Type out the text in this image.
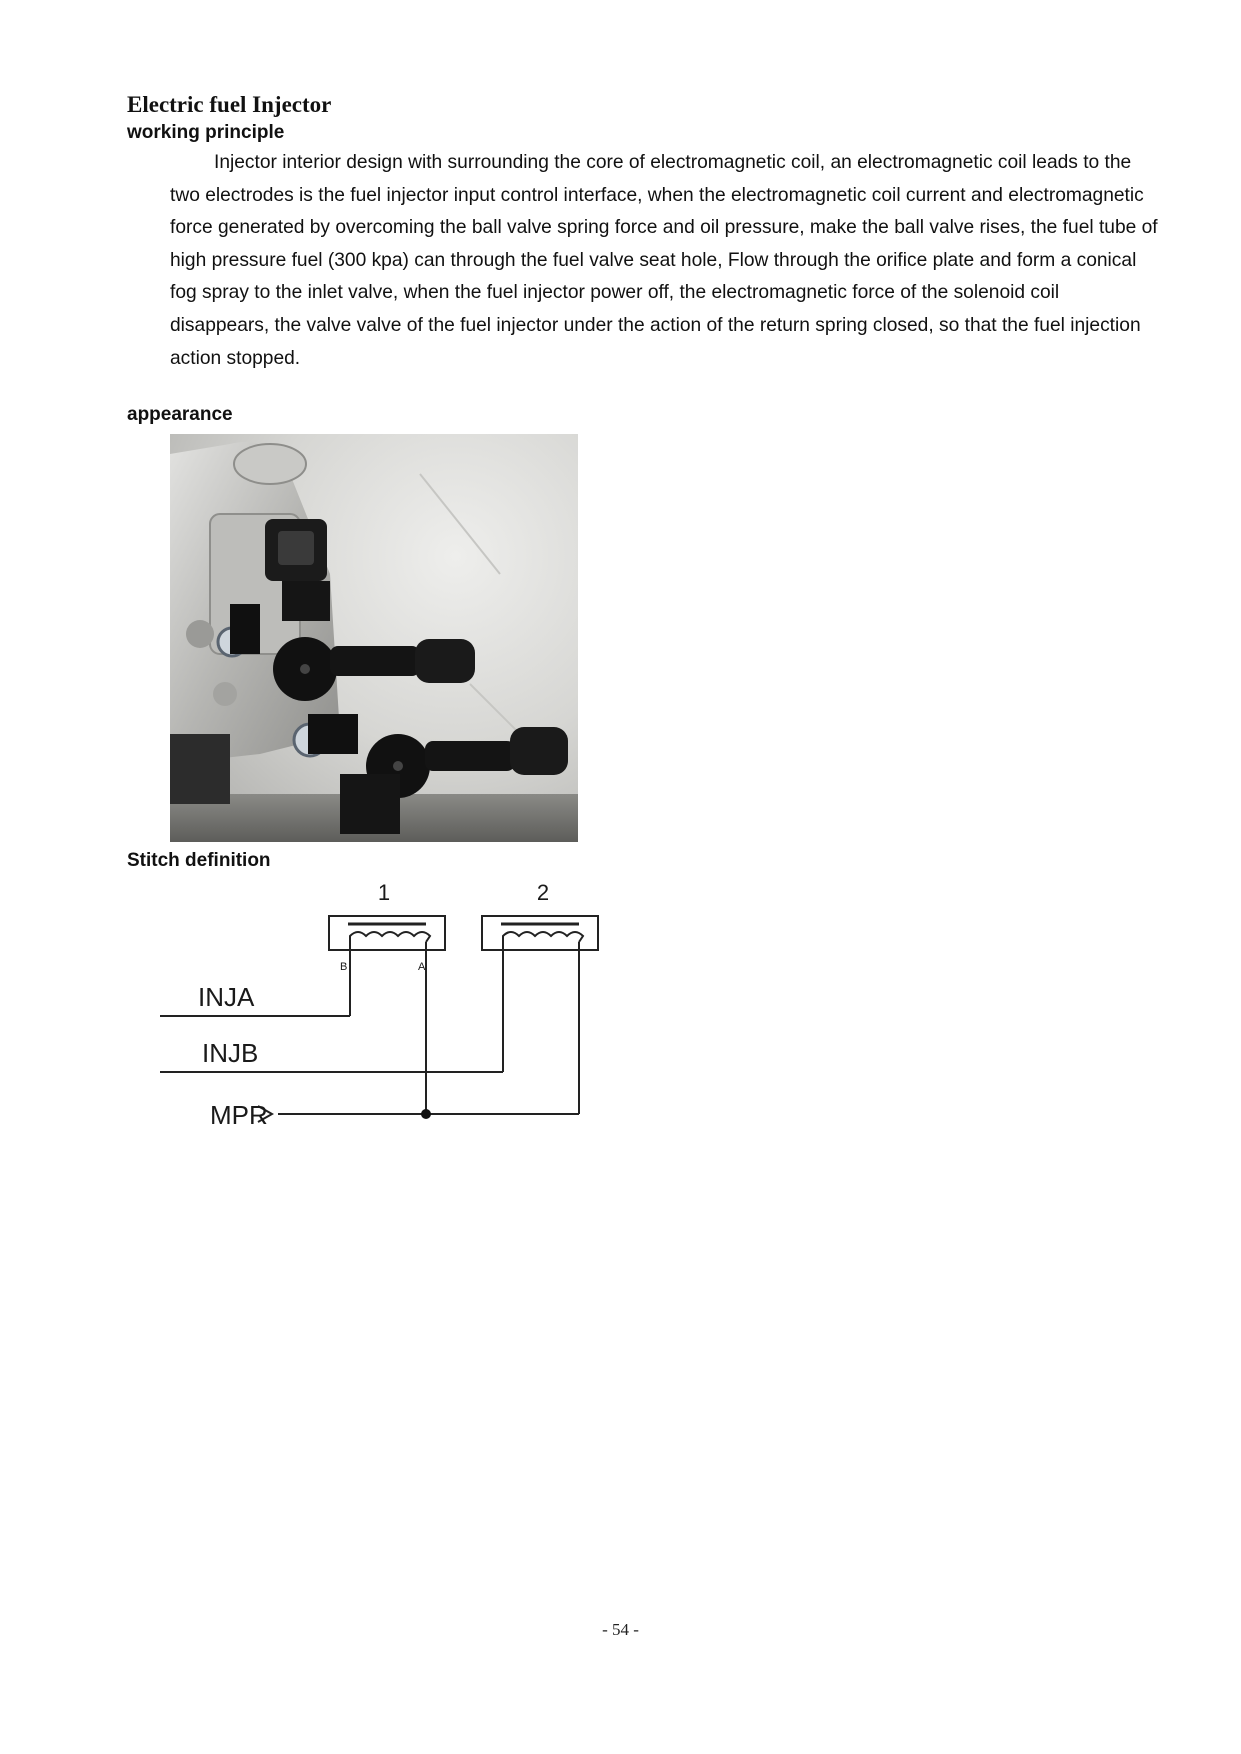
Electric fuel Injector
working principle

Injector interior design with surrounding the core of electromagnetic coil, an electromagnetic coil leads to the two electrodes is the fuel injector input control interface, when the electromagnetic coil current and electromagnetic force generated by overcoming the ball valve spring force and oil pressure, make the ball valve rises, the fuel tube of high pressure fuel (300 kpa) can through the fuel valve seat hole, Flow through the orifice plate and form a conical fog spray to the inlet valve, when the fuel injector power off, the electromagnetic force of the solenoid coil disappears, the valve valve of the fuel injector under the action of the return spring closed, so that the fuel injection action stopped.

appearance
Stitch definition
1	2
B	A
INJA
INJB
MPR
- 54 -
